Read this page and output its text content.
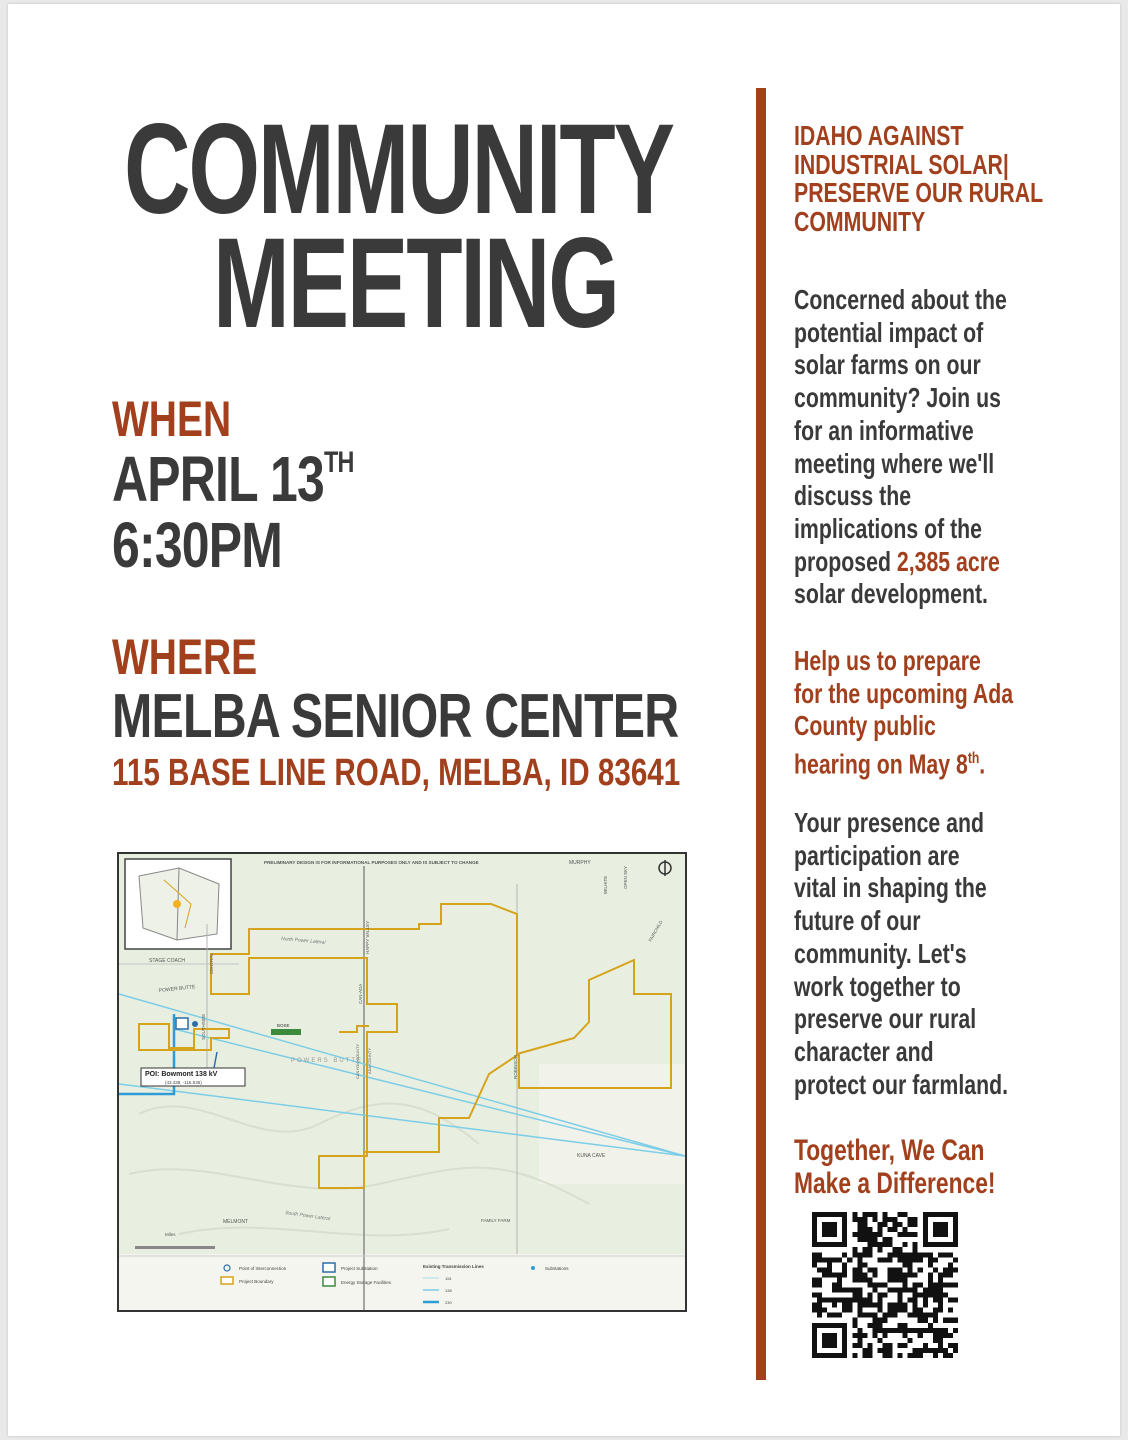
COMMUNITY
MEETING
WHEN
APRIL 13TH
6:30PM
WHERE
MELBA SENIOR CENTER
115 BASE LINE ROAD, MELBA, ID 83641

IDAHO AGAINST

INDUSTRIAL SOLAR|

PRESERVE OUR RURAL

COMMUNITY

Concerned about the

potential impact of

solar farms on our

community? Join us

for an informative

meeting where we'll

discuss the

implications of the

proposed 2,385 acre

solar development.

Help us to prepare

for the upcoming Ada

County public

hearing on May 8th.

Your presence and

participation are

vital in shaping the

future of our

community. Let's

work together to

preserve our rural

character and

protect our farmland.

Together, We Can

Make a Difference!

PRELIMINARY DESIGN IS FOR INFORMATIONAL PURPOSES ONLY AND IS SUBJECT TO CHANGE
POI: Bowmont 138 kV
(43.438, -116.535)
MURPHY
WILHITE	OPEN SKY
FAIRCHILD
STAGE COACH
POWER BUTTE
North Power Lateral
POWERS BUTTE
BOSE
KUNA CAVE
MELMONT	South Power Lateral	FAMILY FARM
ROBINSON
CANYON COUNTY ADA COUNTY
CAN-ADA
HAPPY VALLEY
SOUTHSIDE
CENTRAL
Miles
Point of Interconnection
Project Boundary
Project Substation
Energy Storage Facilities
Existing Transmission Lines
115
138
230
Substations
